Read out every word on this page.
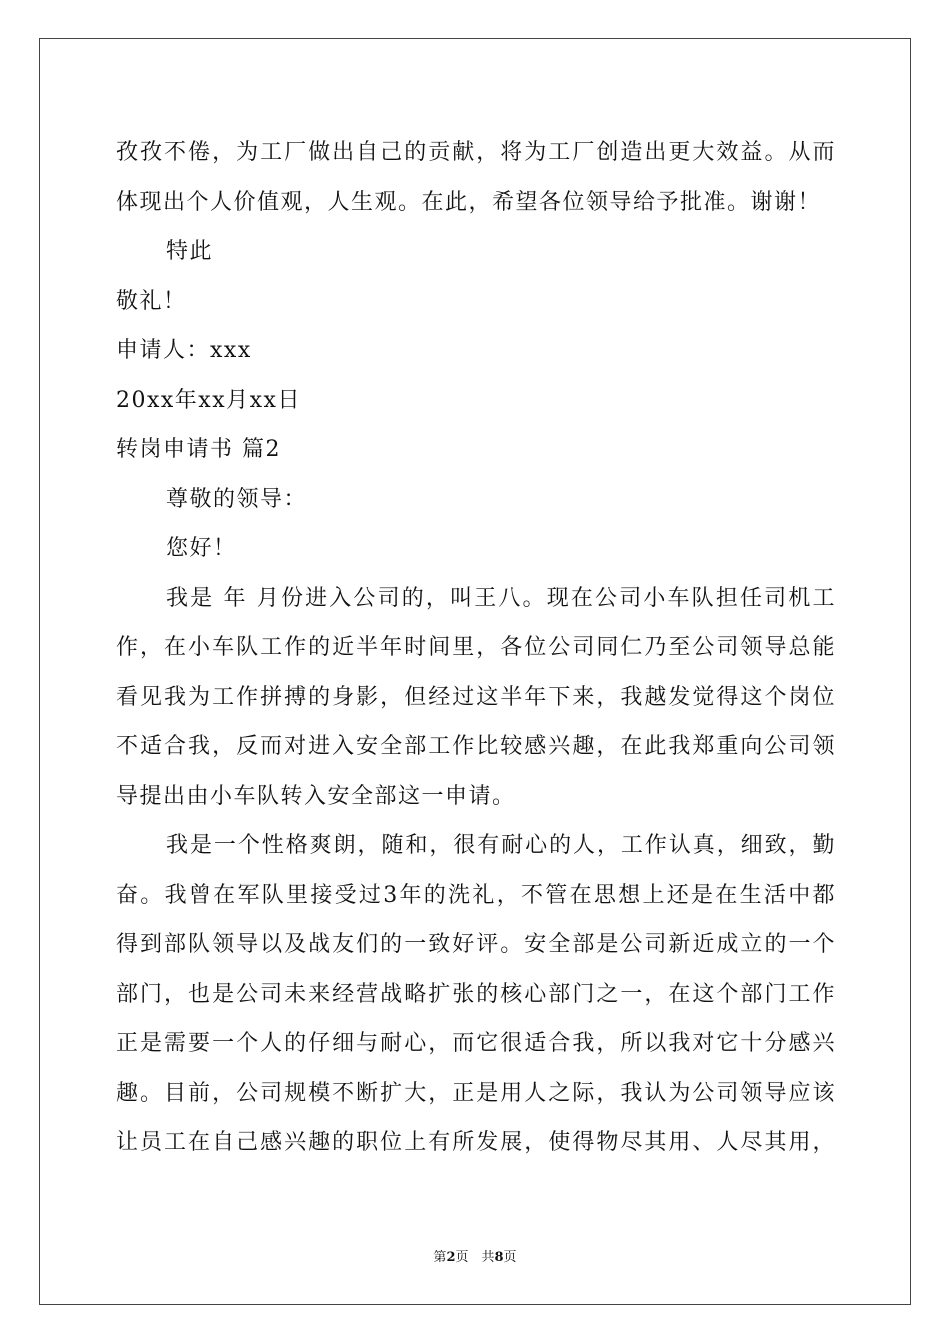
孜孜不倦，为工厂做出自己的贡献，将为工厂创造出更大效益。从而
体现出个人价值观，人生观。在此，希望各位领导给予批准。谢谢！
特此
敬礼！
申请人：xxx
20xx年xx月xx日
转岗申请书 篇2
尊敬的领导：
您好！
我是 年 月份进入公司的，叫王八。现在公司小车队担任司机工
作，在小车队工作的近半年时间里，各位公司同仁乃至公司领导总能
看见我为工作拼搏的身影，但经过这半年下来，我越发觉得这个岗位
不适合我，反而对进入安全部工作比较感兴趣，在此我郑重向公司领
导提出由小车队转入安全部这一申请。
我是一个性格爽朗，随和，很有耐心的人，工作认真，细致，勤
奋。我曾在军队里接受过3年的洗礼，不管在思想上还是在生活中都
得到部队领导以及战友们的一致好评。安全部是公司新近成立的一个
部门，也是公司未来经营战略扩张的核心部门之一，在这个部门工作
正是需要一个人的仔细与耐心，而它很适合我，所以我对它十分感兴
趣。目前，公司规模不断扩大，正是用人之际，我认为公司领导应该
让员工在自己感兴趣的职位上有所发展，使得物尽其用、人尽其用，
第2页　共8页
